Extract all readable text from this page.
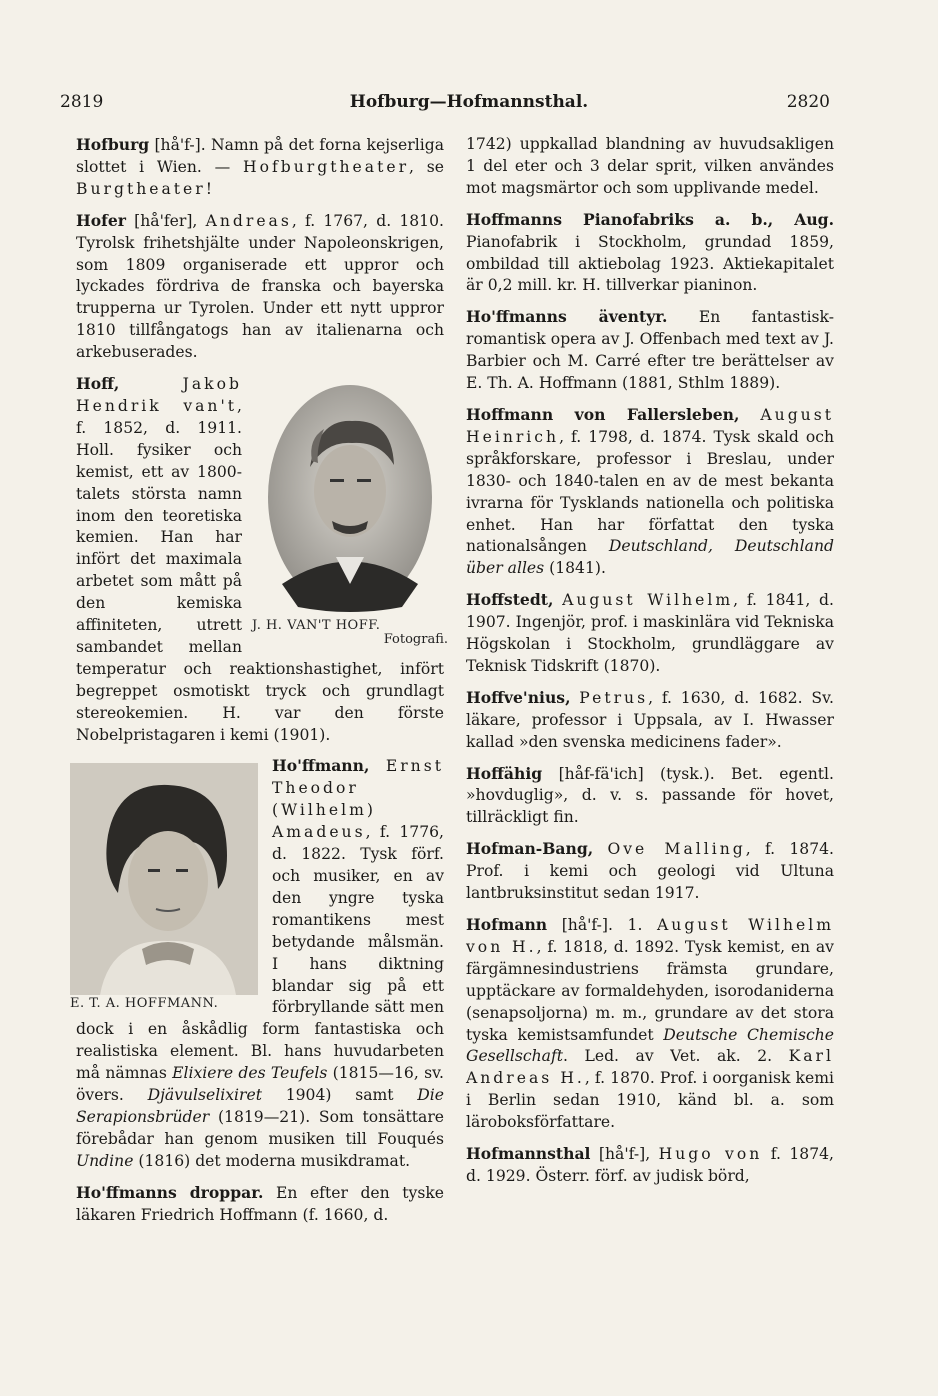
2819	Hofburg—Hofmannsthal.	2820

Hofburg [hå'f-]. Namn på det forna kejserliga slottet i Wien. — Hofburgtheater, se Burgtheater!

Hofer [hå'fer], Andreas, f. 1767, d. 1810. Tyrolsk frihetshjälte under Napoleonskrigen, som 1809 organiserade ett uppror och lyckades fördriva de franska och bayerska trupperna ur Tyrolen. Under ett nytt uppror 1810 tillfångatogs han av italienarna och arkebuserades.

J. H. VAN'T HOFF.
Fotografi.
Hoff,	Jakob Hendrik van't, f. 1852, d. 1911. Holl. fysiker och kemist, ett av 1800-talets största namn inom den teoretiska kemien. Han har infört det maximala arbetet som mått på den kemiska affiniteten, utrett sambandet mellan temperatur och reaktionshastighet, infört begreppet osmotiskt tryck och grundlagt stereokemien. H. var den förste Nobelpristagaren i kemi (1901).
E. T. A. HOFFMANN.
Ho'ffmann, Ernst Theodor (Wilhelm) Amadeus, f. 1776, d. 1822. Tysk förf. och musiker, en av den yngre tyska romantikens mest betydande målsmän. I hans diktning blandar sig på ett förbryllande sätt men dock i en åskådlig form fantastiska och realistiska element. Bl. hans huvudarbeten må nämnas Elixiere des Teufels (1815—16, sv. övers. Djävulselixiret 1904) samt Die Serapionsbrüder (1819—21). Som tonsättare förebådar han genom musiken till Fouqués Undine (1816) det moderna musikdramat.

Ho'ffmanns droppar. En efter den tyske läkaren Friedrich Hoffmann (f. 1660, d.

1742) uppkallad blandning av huvudsakligen 1 del eter och 3 delar sprit, vilken användes mot magsmärtor och som upplivande medel.

Hoffmanns Pianofabriks a. b., Aug. Pianofabrik i Stockholm, grundad 1859, ombildad till aktiebolag 1923. Aktiekapitalet är 0,2 mill. kr. H. tillverkar pianinon.

Ho'ffmanns äventyr. En fantastisk-romantisk opera av J. Offenbach med text av J. Barbier och M. Carré efter tre berättelser av E. Th. A. Hoffmann (1881, Sthlm 1889).

Hoffmann von Fallersleben, August Heinrich, f. 1798, d. 1874. Tysk skald och språkforskare, professor i Breslau, under 1830- och 1840-talen en av de mest bekanta ivrarna för Tysklands nationella och politiska enhet. Han har författat den tyska nationalsången Deutschland, Deutschland über alles (1841).

Hoffstedt, August Wilhelm, f. 1841, d. 1907. Ingenjör, prof. i maskinlära vid Tekniska Högskolan i Stockholm, grundläggare av Teknisk Tidskrift (1870).

Hoffve'nius, Petrus, f. 1630, d. 1682. Sv. läkare, professor i Uppsala, av I. Hwasser kallad »den svenska medicinens fader».

Hoffähig [håf-fä'ich] (tysk.). Bet. egentl. »hovduglig», d. v. s. passande för hovet, tillräckligt fin.

Hofman-Bang, Ove Malling, f. 1874. Prof. i kemi och geologi vid Ultuna lantbruksinstitut sedan 1917.

Hofmann [hå'f-]. 1. August Wilhelm von H., f. 1818, d. 1892. Tysk kemist, en av färgämnesindustriens främsta grundare, upptäckare av formaldehyden, isorodaniderna (senapsoljorna) m. m., grundare av det stora tyska kemistsamfundet Deutsche Chemische Gesellschaft. Led. av Vet. ak. 2. Karl Andreas H., f. 1870. Prof. i oorganisk kemi i Berlin sedan 1910, känd bl. a. som läroboksförfattare.

Hofmannsthal [hå'f-], Hugo von f. 1874, d. 1929. Österr. förf. av judisk börd,
